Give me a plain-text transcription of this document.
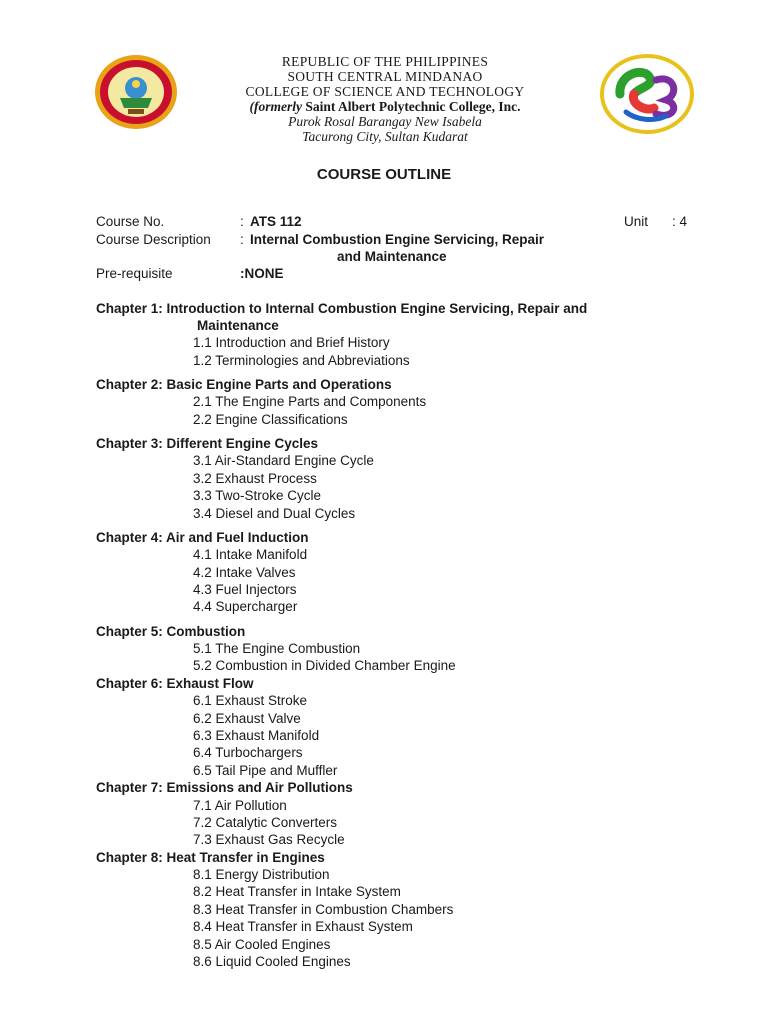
REPUBLIC OF THE PHILIPPINES
SOUTH CENTRAL MINDANAO
COLLEGE OF SCIENCE AND TECHNOLOGY
(formerly Saint Albert Polytechnic College, Inc.
Purok Rosal Barangay New Isabela
Tacurong City, Sultan Kudarat
COURSE OUTLINE
Course No.	: ATS 112	Unit : 4
Course Description : Internal Combustion Engine Servicing, Repair
and Maintenance
Pre-requisite	:NONE
Chapter 1: Introduction to Internal Combustion Engine Servicing, Repair and
Maintenance
1.1 Introduction and Brief History
1.2 Terminologies and Abbreviations
Chapter 2: Basic Engine Parts and Operations
2.1 The Engine Parts and Components
2.2 Engine Classifications
Chapter 3: Different Engine Cycles
3.1 Air-Standard Engine Cycle
3.2 Exhaust Process
3.3 Two-Stroke Cycle
3.4 Diesel and Dual Cycles
Chapter 4: Air and Fuel Induction
4.1 Intake Manifold
4.2 Intake Valves
4.3 Fuel Injectors
4.4 Supercharger
Chapter 5: Combustion
5.1 The Engine Combustion
5.2 Combustion in Divided Chamber Engine
Chapter 6: Exhaust Flow
6.1 Exhaust Stroke
6.2 Exhaust Valve
6.3 Exhaust Manifold
6.4 Turbochargers
6.5 Tail Pipe and Muffler
Chapter 7: Emissions and Air Pollutions
7.1 Air Pollution
7.2 Catalytic Converters
7.3 Exhaust Gas Recycle
Chapter 8: Heat Transfer in Engines
8.1 Energy Distribution
8.2 Heat Transfer in Intake System
8.3 Heat Transfer in Combustion Chambers
8.4 Heat Transfer in Exhaust System
8.5 Air Cooled Engines
8.6 Liquid Cooled Engines
